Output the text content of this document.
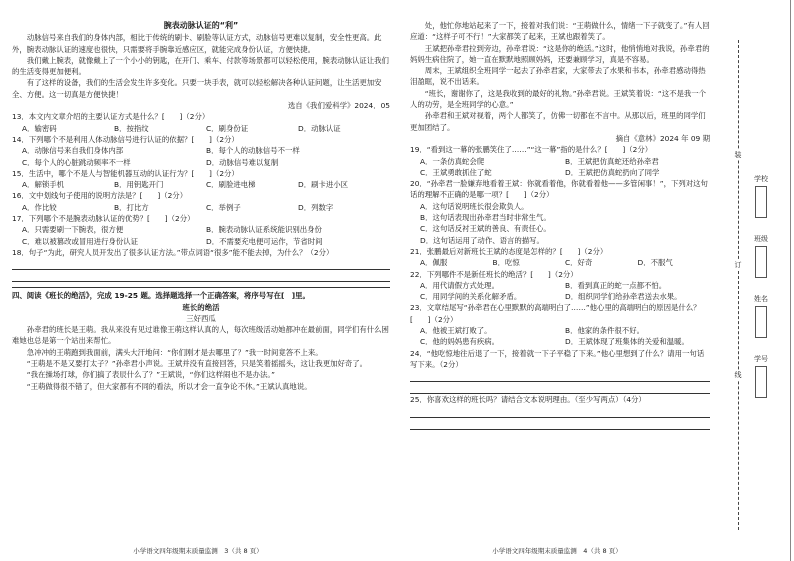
腕表动脉认证的“利”

动脉信号来自我们的身体内部，相比于传统的刷卡、刷脸等认证方式，动脉信号更难以复制，安全性更高。此外，腕表动脉认证的速度也很快，只需要将手腕靠近感应区，就能完成身份认证，方便快捷。

我们戴上腕表，就像戴上了一个小小的钥匙，在开门、乘车、付款等场景都可以轻松使用，腕表动脉认证让我们的生活变得更加便利。

有了这样的设备，我们的生活会发生许多变化。只要一块手表，就可以轻松解决各种认证问题，让生活更加安全、方便。这一切真是方便快捷！

选自《我们爱科学》2024．05

13．本文内文章介绍的主要认证方式是什么？[　　]（2分）

A．输密码	B．按指纹	C．刷身份证	D．动脉认证

14．下列哪个不是利用人体动脉信号进行认证的依据？[　　]（2分）

A．动脉信号来自我们身体内部	B．每个人的动脉信号不一样
C．每个人的心脏跳动频率不一样	D．动脉信号难以复制

15．生活中，哪个不是人与智能机器互动的认证行为？[　　]（2分）

A．解锁手机	B．用钥匙开门	C．刷脸进电梯	D．刷卡进小区

16．文中划线句子使用的说明方法是？[　　]（2分）

A．作比较	B．打比方	C．举例子	D．列数字

17．下列哪个不是腕表动脉认证的优势？[　　]（2分）

A．只需要刷一下腕表，很方便	B．腕表动脉认证系统能识别出身份
C．难以被篡改或冒用进行身份认证	D．不需要充电便可运作，节省时间

18．句子“为此，研究人员开发出了很多认证方法。”带点词语“很多”能不能去掉，为什么？（2分）

四、阅读《班长的绝活》，完成 19-25 题。选择题选择一个正确答案，将序号写在[　]里。

班长的绝活

三好西瓜

孙牵君的班长是王萌。我从来没有见过谁像王萌这样认真的人，每次班级活动她都冲在最前面，同学们有什么困难她也总是第一个站出来帮忙。

急冲冲的王萌跑到我面前，满头大汗地问：“你们刚才是去哪里了？”我一时间竟答不上来。

“王萌是不是又要打太子？”孙牵君小声说。王斌并没有直接回答，只是笑着摇摇头，这让我更加好奇了。

“我在操场打球，你们搞了表辰什么了？”王斌说，“你们这样闹也不是办法。”

“王萌做得很不错了，但大家都有不同的看法，所以才会一直争论不休。”王斌认真地说。

小学语文四年级期末质量监测　3（共 8 页）

处，他忙你地站起来了一下，接着对我们说：“王萌做什么，情绪一下子就变了。”有人回应道：“这样子可不行！”大家都笑了起来，王斌也跟着笑了。

王斌把孙牵君拉到旁边，孙牵君说：“这是你的绝活。”这时，他悄悄地对我说，孙牵君的妈妈生病住院了，她一直在默默地照顾妈妈，还要兼顾学习，真是不容易。

周末，王斌组织全班同学一起去了孙牵君家，大家带去了水果和书本，孙牵君感动得热泪盈眶，说不出话来。

“班长，谢谢你了，这是我收到的最好的礼物。”孙牵君说。王斌笑着说：“这不是我一个人的功劳，是全班同学的心意。”

孙牵君和王斌对视着，两个人都笑了，仿佛一切都在不言中。从那以后，班里的同学们更加团结了。

摘自《意林》2024 年 09 期

19．“看到这一幕的张鹏笑住了……”“这一幕”指的是什么？[　　]（2分）

A．一条仿真蛇会爬	B．王斌把仿真蛇还给孙牵君
C．王斌勇敢抓住了蛇	D．王斌把仿真蛇扔向了同学

20．“孙牵君一脸嫌弃地看着王斌：你就看着他，你就看着他——多管闲事！”，下列对这句话的理解不正确的是哪一项？[　　]（2分）

A．这句话说明班长很会欺负人。
B．这句话表现出孙牵君当时非常生气。
C．这句话反衬王斌的善良、有责任心。
D．这句话运用了动作、语言的描写。

21．张鹏最后对新班长王斌的态度是怎样的？[　　]（2分）

A．佩服	B．吃惊	C．好奇	D．不服气

22．下列哪件不是新任班长的绝活？[　　]（2分）

A．用代请假方式处理。	B．看到真正的蛇一点都不怕。
C．用同学间的关系化解矛盾。	D．组织同学们给孙牵君送去水果。

23．文章结尾写“孙牵君在心里默默的高端明白了……”他心里的高端明白的原因是什么？[　　]（2分）

A．他被王斌打败了。	B．他家的条件很不好。
C．他的妈妈患有疾病。	D．王斌体现了班集体的关爱和温暖。

24．“他吃惊地往后退了一下，接着就一下子平稳了下来。”他心里想到了什么？请用一句话写下来。（2分）

25．你喜欢这样的班长吗？请结合文本说明理由。（至少写两点）（4分）

小学语文四年级期末质量监测　4（共 8 页）
装
订
线
学校
班级
姓名
学号
